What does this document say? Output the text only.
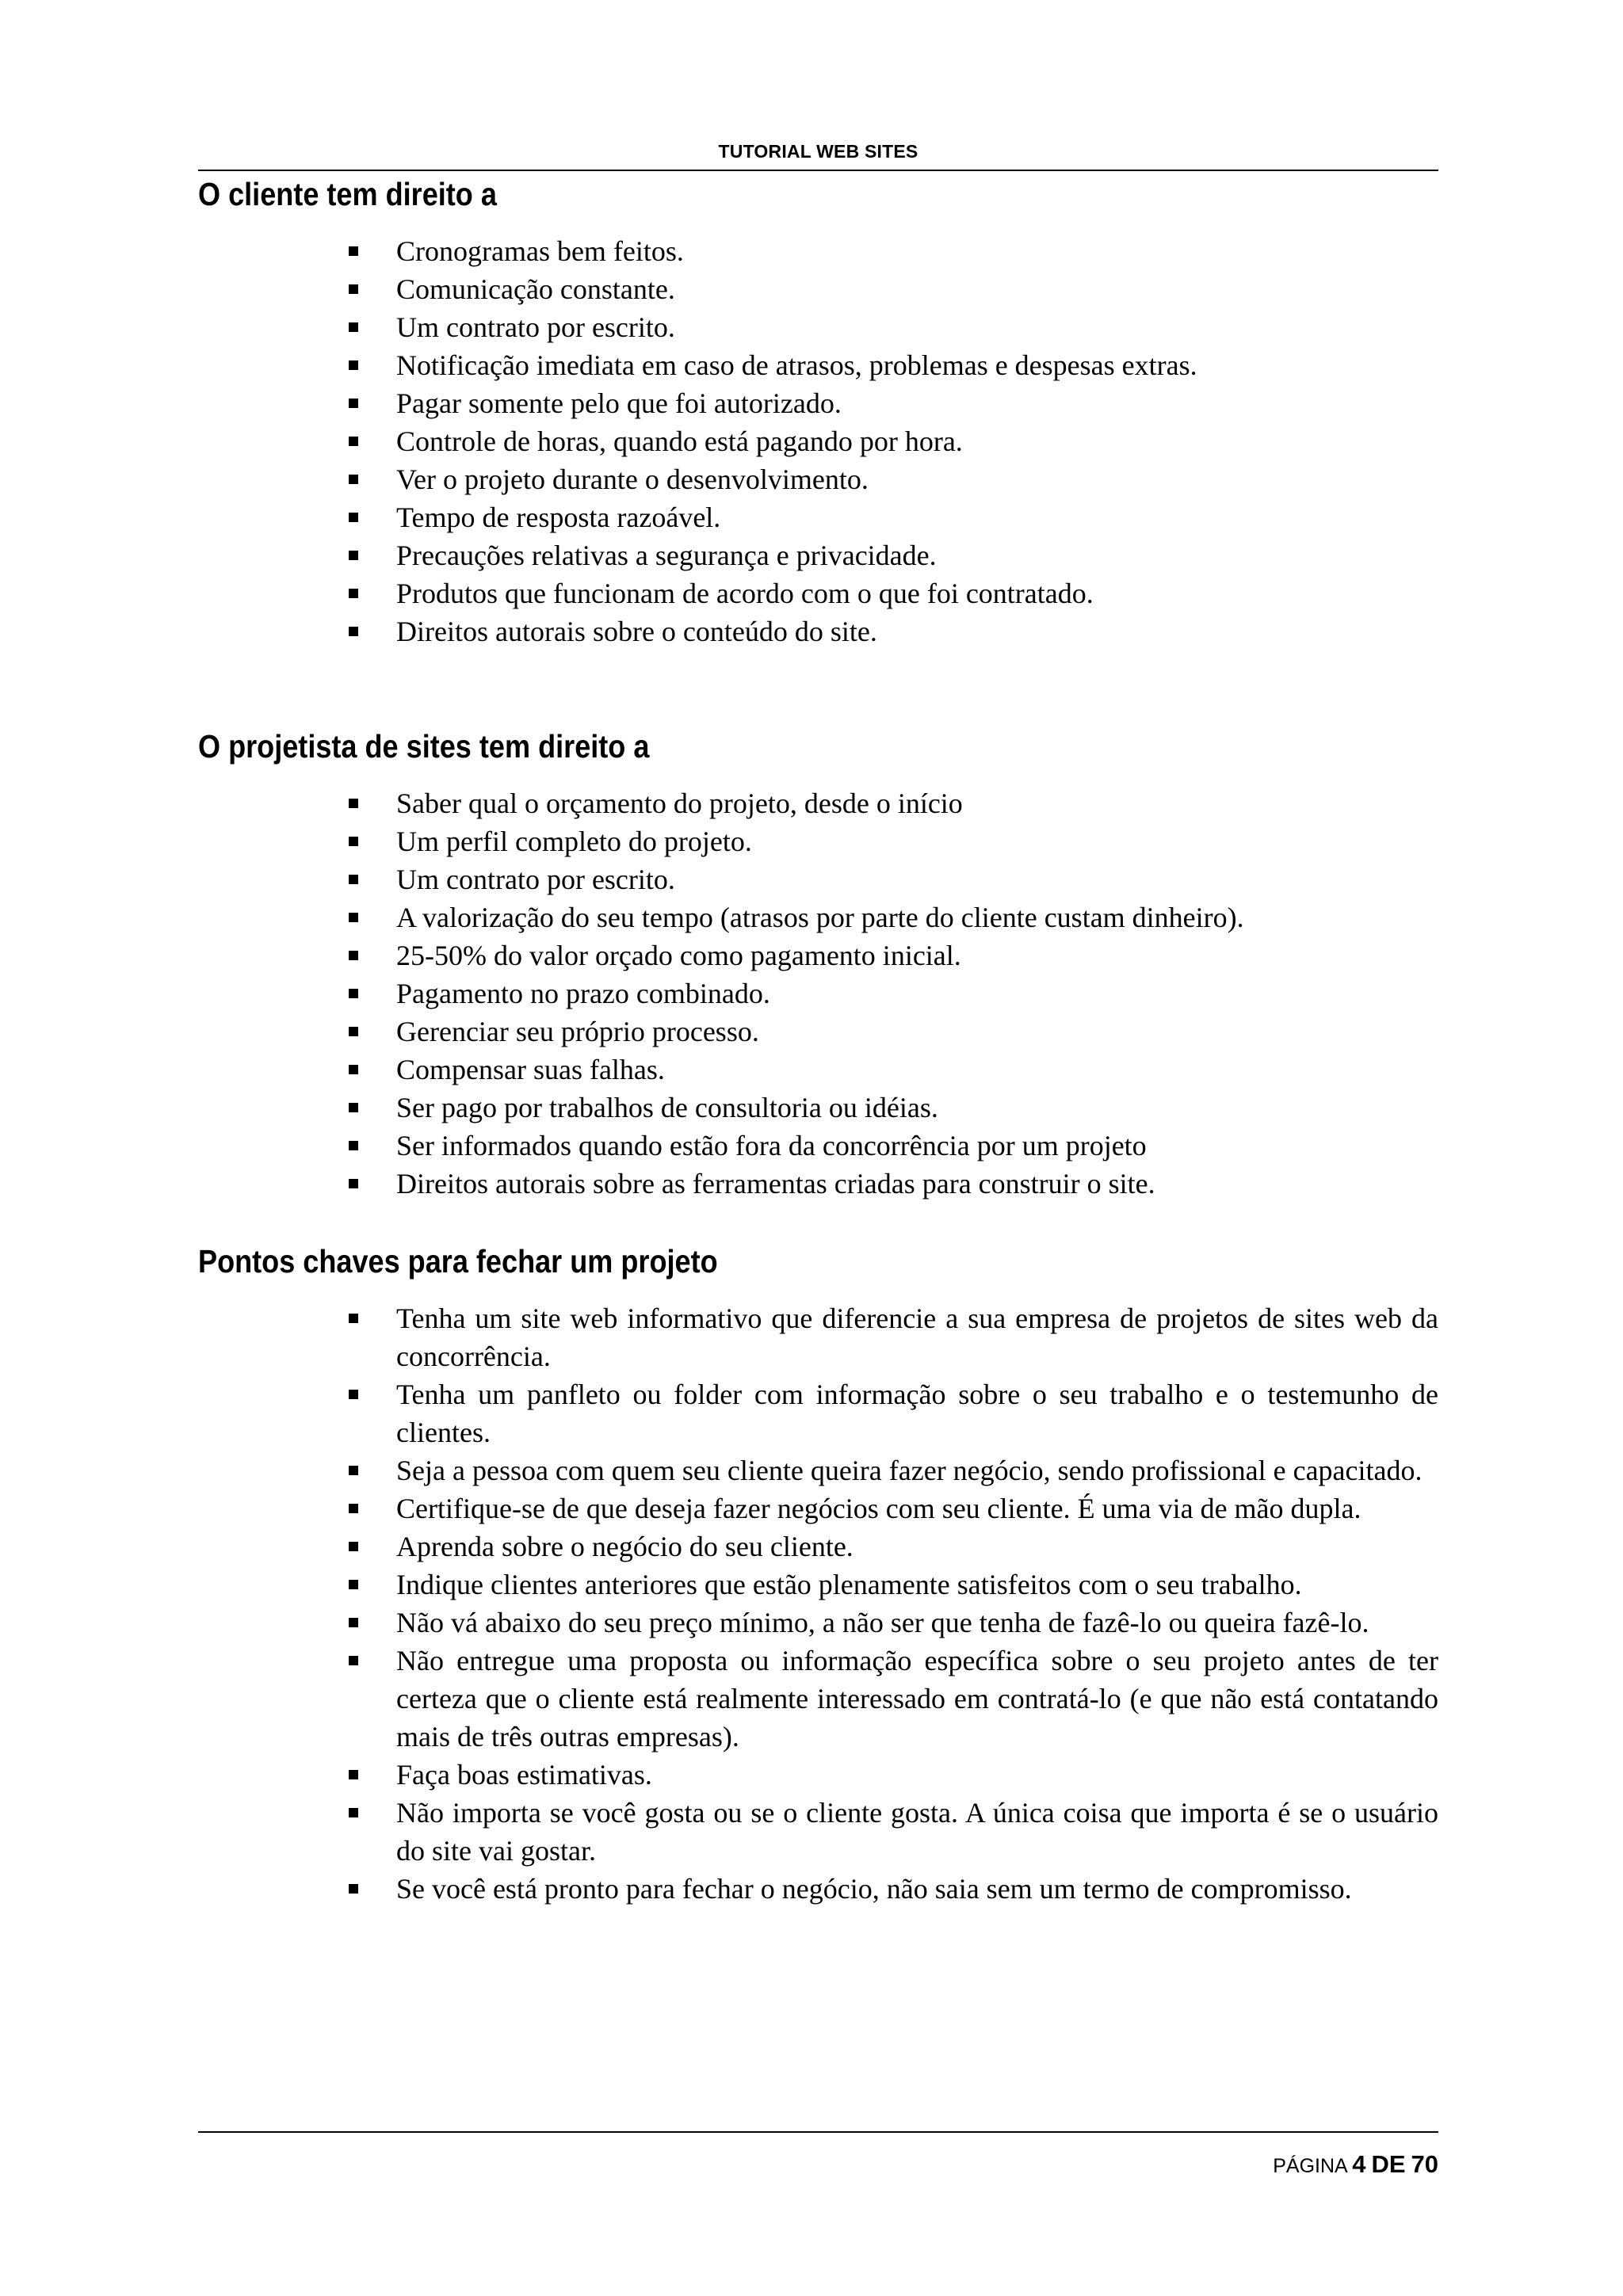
TUTORIAL WEB SITES
O cliente tem direito a
Cronogramas bem feitos.
Comunicação constante.
Um contrato por escrito.
Notificação imediata em caso de atrasos, problemas e despesas extras.
Pagar somente pelo que foi autorizado.
Controle de horas, quando está pagando por hora.
Ver o projeto durante o desenvolvimento.
Tempo de resposta razoável.
Precauções relativas a segurança e privacidade.
Produtos que funcionam de acordo com o que foi contratado.
Direitos autorais sobre o conteúdo do site.
O projetista de sites tem direito a
Saber qual o orçamento do projeto, desde o início
Um perfil completo do projeto.
Um contrato por escrito.
A valorização do seu tempo (atrasos por parte do cliente custam dinheiro).
25-50% do valor orçado como pagamento inicial.
Pagamento no prazo combinado.
Gerenciar seu próprio processo.
Compensar suas falhas.
Ser pago por trabalhos de consultoria ou idéias.
Ser informados quando estão fora da concorrência por um projeto
Direitos autorais sobre as ferramentas criadas para construir o site.
Pontos chaves para fechar um projeto
Tenha um site web informativo que diferencie a sua empresa de projetos de sites web da concorrência.
Tenha um panfleto ou folder com informação sobre o seu trabalho e o testemunho de clientes.
Seja a pessoa com quem seu cliente queira fazer negócio, sendo profissional e capacitado.
Certifique-se de que deseja fazer negócios com seu cliente. É uma via de mão dupla.
Aprenda sobre o negócio do seu cliente.
Indique clientes anteriores que estão plenamente satisfeitos com o seu trabalho.
Não vá abaixo do seu preço mínimo, a não ser que tenha de fazê-lo ou queira fazê-lo.
Não entregue uma proposta ou informação específica sobre o seu projeto antes de ter certeza que o cliente está realmente interessado em contratá-lo (e que não está contatando mais de três outras empresas).
Faça boas estimativas.
Não importa se você gosta ou se o cliente gosta. A única coisa que importa é se o usuário do site vai gostar.
Se você está pronto para fechar o negócio, não saia sem um termo de compromisso.
PÁGINA 4 DE 70
